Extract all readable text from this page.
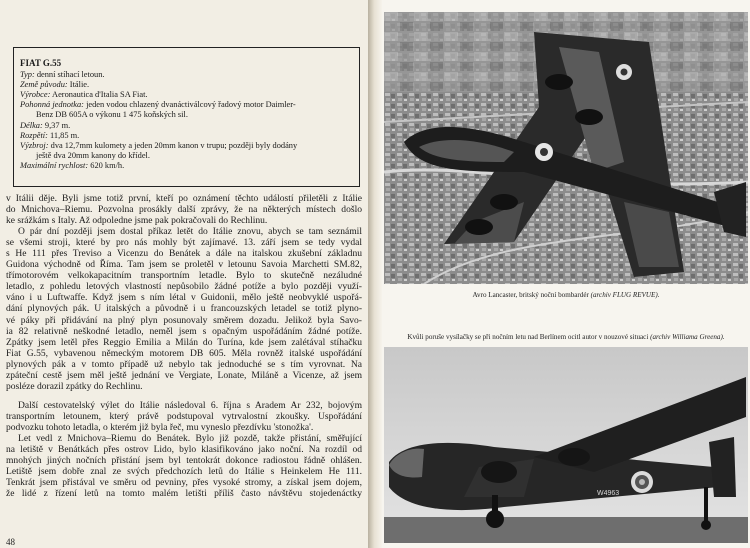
FIAT G.55
Typ: denní stíhací letoun.
Země původu: Itálie.
Výrobce: Aeronautica d'Italia SA Fiat.
Pohonná jednotka: jeden vodou chlazený dvanáctiválcový řadový motor Daimler-
Benz DB 605A o výkonu 1 475 koňských sil.
Délka: 9,37 m.
Rozpětí: 11,85 m.
Výzbroj: dva 12,7mm kulomety a jeden 20mm kanon v trupu; později byly dodány
ještě dva 20mm kanony do křídel.
Maximální rychlost: 620 km/h.
v Itálii děje. Byli jsme totiž první, kteří po oznámení těchto událostí přiletěli z Itálie
do Mnichova–Riemu. Pozvolna prosákly další zprávy, že na některých místech došlo
ke srážkám s Italy. Až odpoledne jsme pak pokračovali do Rechlinu.
O pár dní později jsem dostal příkaz letět do Itálie znovu, abych se tam seznámil
se všemi stroji, které by pro nás mohly být zajímavé. 13. září jsem se tedy vydal
s He 111 přes Treviso a Vicenzu do Benátek a dále na italskou zkušební základnu
Guidona východně od Říma. Tam jsem se proletěl v letounu Savoia Marchetti SM.82,
třímotorovém velkokapacitním transportním letadle. Bylo to skutečně nezáludné
letadlo, z pohledu letových vlastností nepůsobilo žádné potíže a bylo později využí-
váno i u Luftwaffe. Když jsem s ním létal v Guidonii, mělo ještě neobvyklé uspořá-
dání plynových pák. U italských a původně i u francouzských letadel se totiž plyno-
vé páky při přidávání na plný plyn posunovaly směrem dozadu. Jelikož byla Savo-
ia 82 relativně neškodné letadlo, neměl jsem s opačným uspořádáním žádné potíže.
Zpátky jsem letěl přes Reggio Emilia a Milán do Turína, kde jsem zalétával stíhačku
Fiat G.55, vybavenou německým motorem DB 605. Měla rovněž italské uspořádání
plynových pák a v tomto případě už nebylo tak jednoduché se s tím vyrovnat. Na
zpáteční cestě jsem měl ještě jednání ve Vergiate, Lonate, Miláně a Vicenze, až jsem
posléze dorazil zpátky do Rechlinu.
Další cestovatelský výlet do Itálie následoval 6. října s Aradem Ar 232, bojovým
transportním letounem, který právě podstupoval vytrvalostní zkoušky. Uspořádání
podvozku tohoto letadla, o kterém již byla řeč, mu vyneslo přezdívku 'stonožka'.
Let vedl z Mnichova–Riemu do Benátek. Bylo již pozdě, takže přistání, směřující
na letiště v Benátkách přes ostrov Lido, bylo klasifikováno jako noční. Na rozdíl od
mnohých jiných nočních přistání jsem byl tentokrát dokonce radiostou řádně ohlášen.
Letiště jsem dobře znal ze svých předchozích letů do Itálie s Heinkelem He 111.
Tenkrát jsem přistával ve směru od pevniny, přes vysoké stromy, a získal jsem dojem,
že lidé z řízení letů na tomto malém letišti příliš často návštěvu stojedenáctky
48
Avro Lancaster, britský noční bombardér (archiv FLUG REVUE).
Kvůli poruše vysílačky se při nočním letu nad Berlínem ocitl autor v nouzové situaci (archiv Williama Greena).
W4963
